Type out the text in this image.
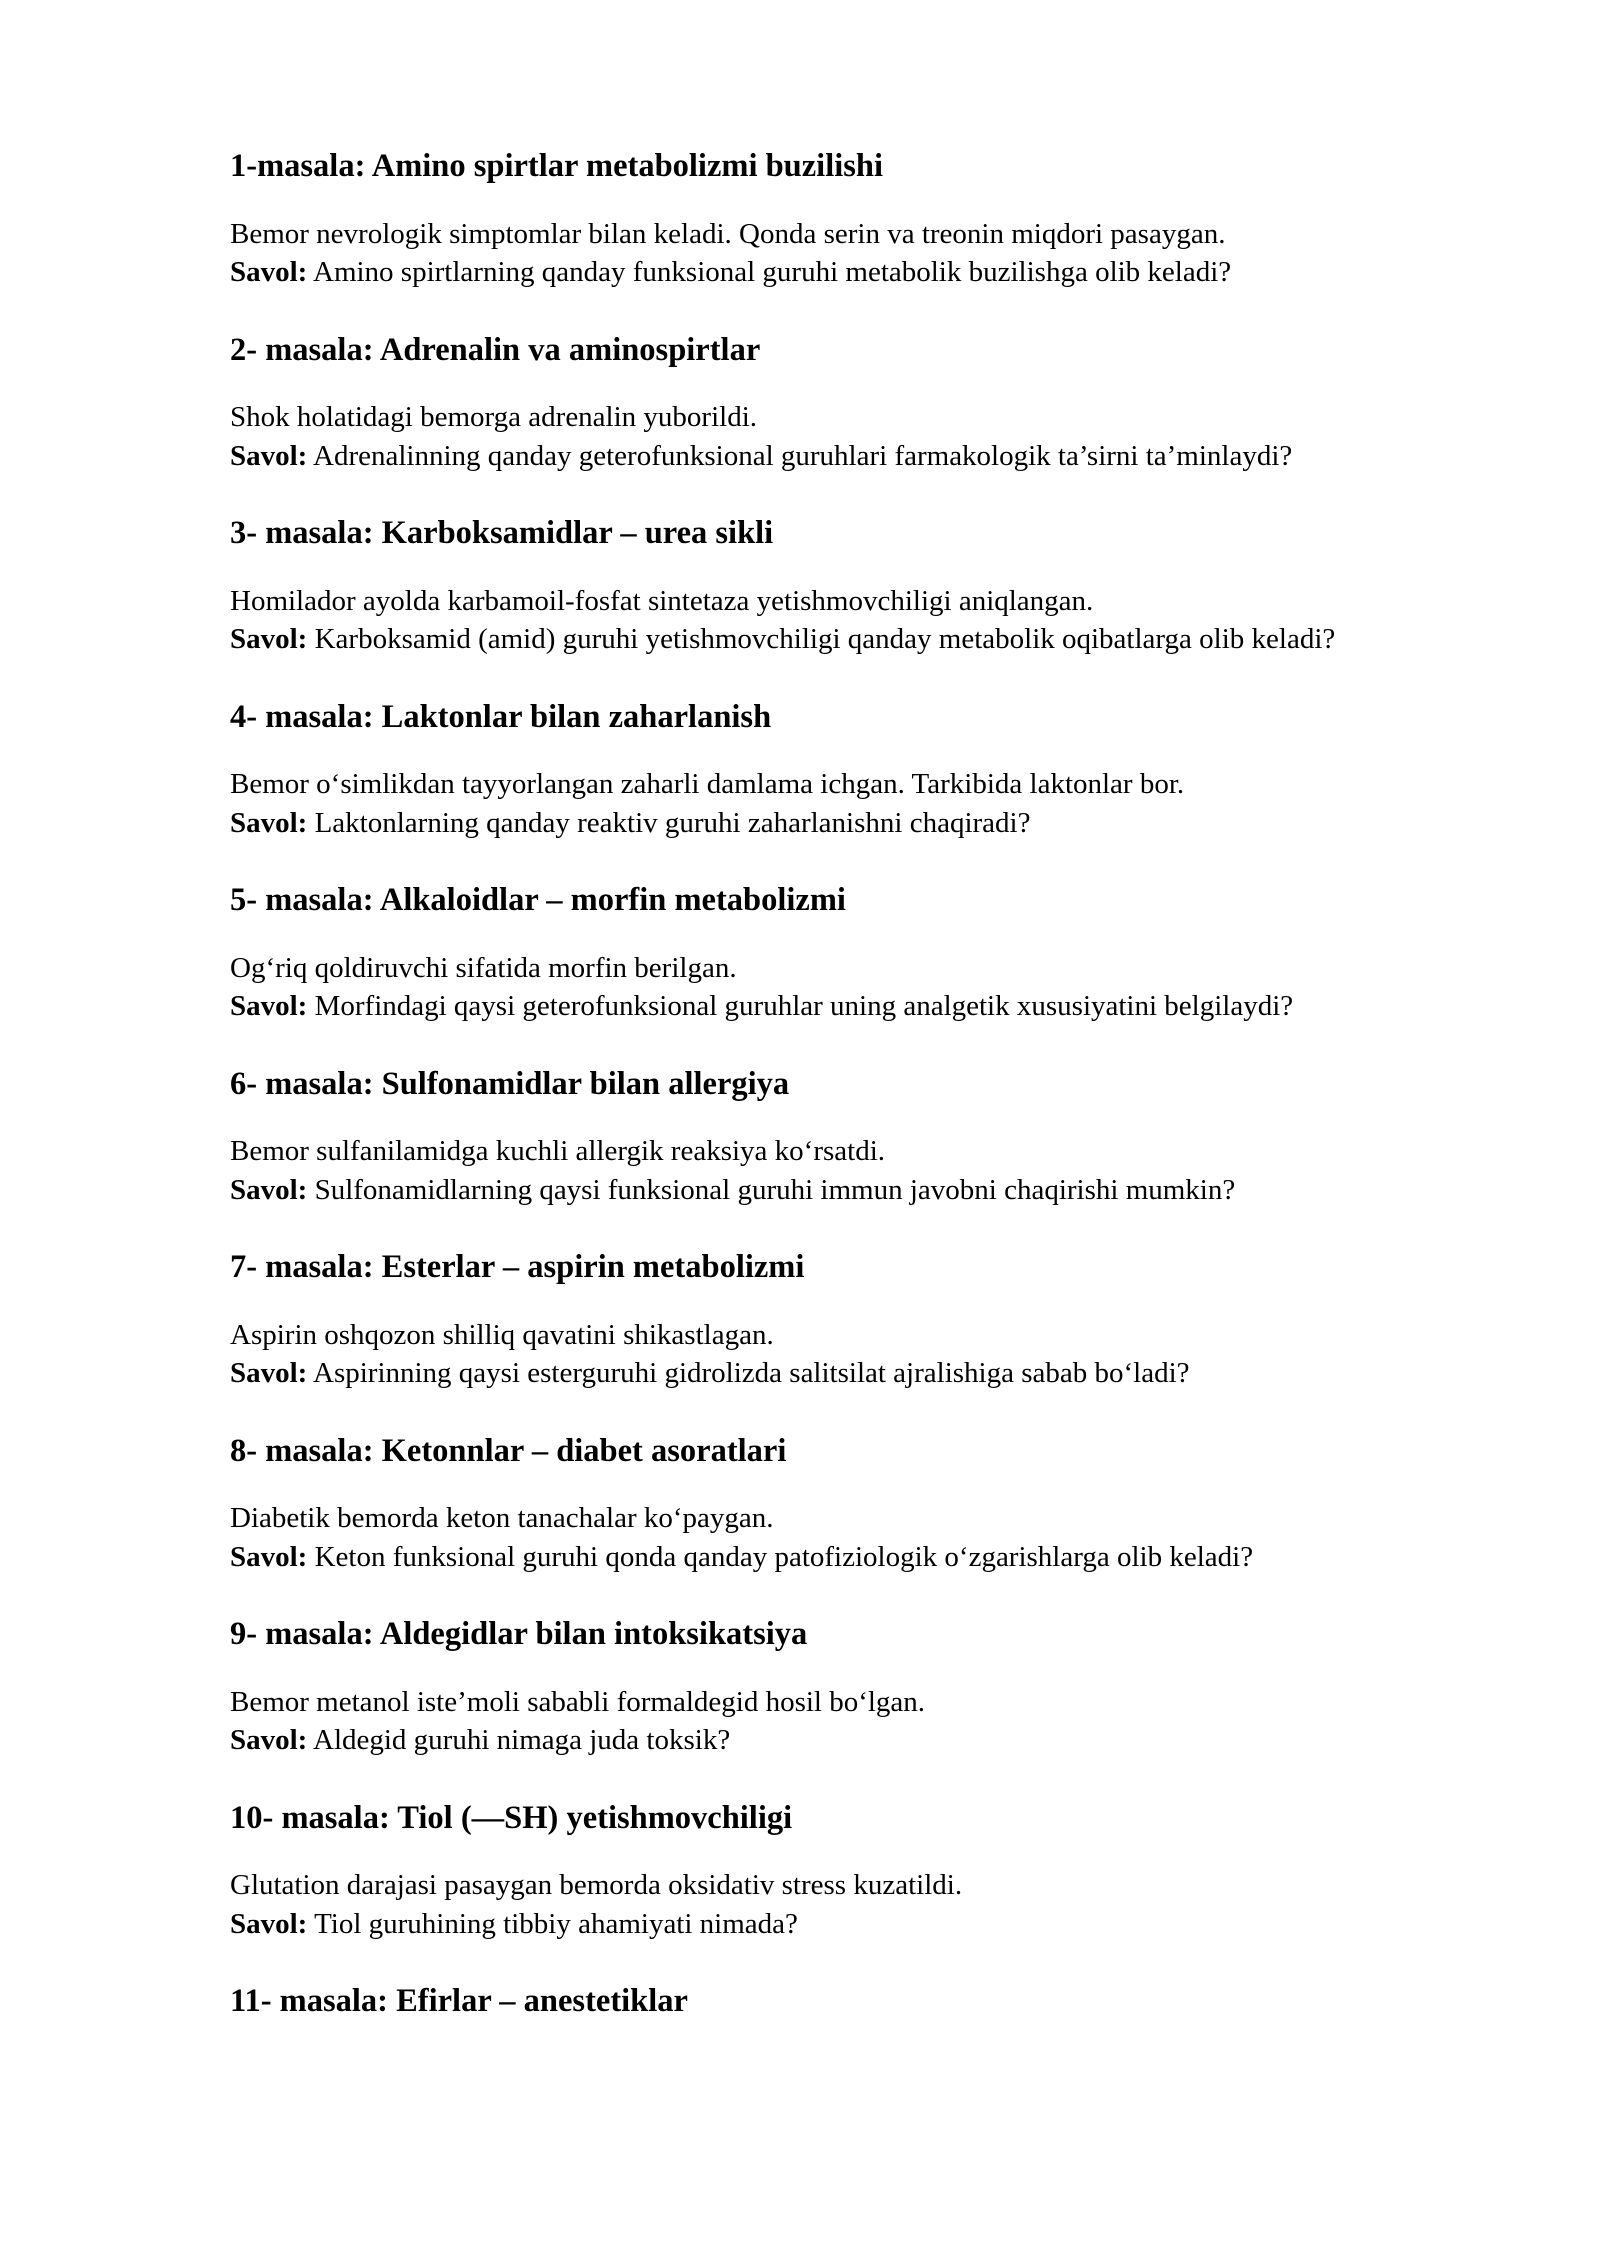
1-masala: Amino spirtlar metabolizmi buzilishi

Bemor nevrologik simptomlar bilan keladi. Qonda serin va treonin miqdori pasaygan.

Savol: Amino spirtlarning qanday funksional guruhi metabolik buzilishga olib keladi?

2- masala: Adrenalin va aminospirtlar

Shok holatidagi bemorga adrenalin yuborildi.

Savol: Adrenalinning qanday geterofunksional guruhlari farmakologik ta’sirni ta’minlaydi?

3- masala: Karboksamidlar – urea sikli

Homilador ayolda karbamoil-fosfat sintetaza yetishmovchiligi aniqlangan.

Savol: Karboksamid (amid) guruhi yetishmovchiligi qanday metabolik oqibatlarga olib keladi?

4- masala: Laktonlar bilan zaharlanish

Bemor o‘simlikdan tayyorlangan zaharli damlama ichgan. Tarkibida laktonlar bor.

Savol: Laktonlarning qanday reaktiv guruhi zaharlanishni chaqiradi?

5- masala: Alkaloidlar – morfin metabolizmi

Og‘riq qoldiruvchi sifatida morfin berilgan.

Savol: Morfindagi qaysi geterofunksional guruhlar uning analgetik xususiyatini belgilaydi?

6- masala: Sulfonamidlar bilan allergiya

Bemor sulfanilamidga kuchli allergik reaksiya ko‘rsatdi.

Savol: Sulfonamidlarning qaysi funksional guruhi immun javobni chaqirishi mumkin?

7- masala: Esterlar – aspirin metabolizmi

Aspirin oshqozon shilliq qavatini shikastlagan.

Savol: Aspirinning qaysi esterguruhi gidrolizda salitsilat ajralishiga sabab bo‘ladi?

8- masala: Ketonnlar – diabet asoratlari

Diabetik bemorda keton tanachalar ko‘paygan.

Savol: Keton funksional guruhi qonda qanday patofiziologik o‘zgarishlarga olib keladi?

9- masala: Aldegidlar bilan intoksikatsiya

Bemor metanol iste’moli sababli formaldegid hosil bo‘lgan.

Savol: Aldegid guruhi nimaga juda toksik?

10- masala: Tiol (—SH) yetishmovchiligi

Glutation darajasi pasaygan bemorda oksidativ stress kuzatildi.

Savol: Tiol guruhining tibbiy ahamiyati nimada?

11- masala: Efirlar – anestetiklar
